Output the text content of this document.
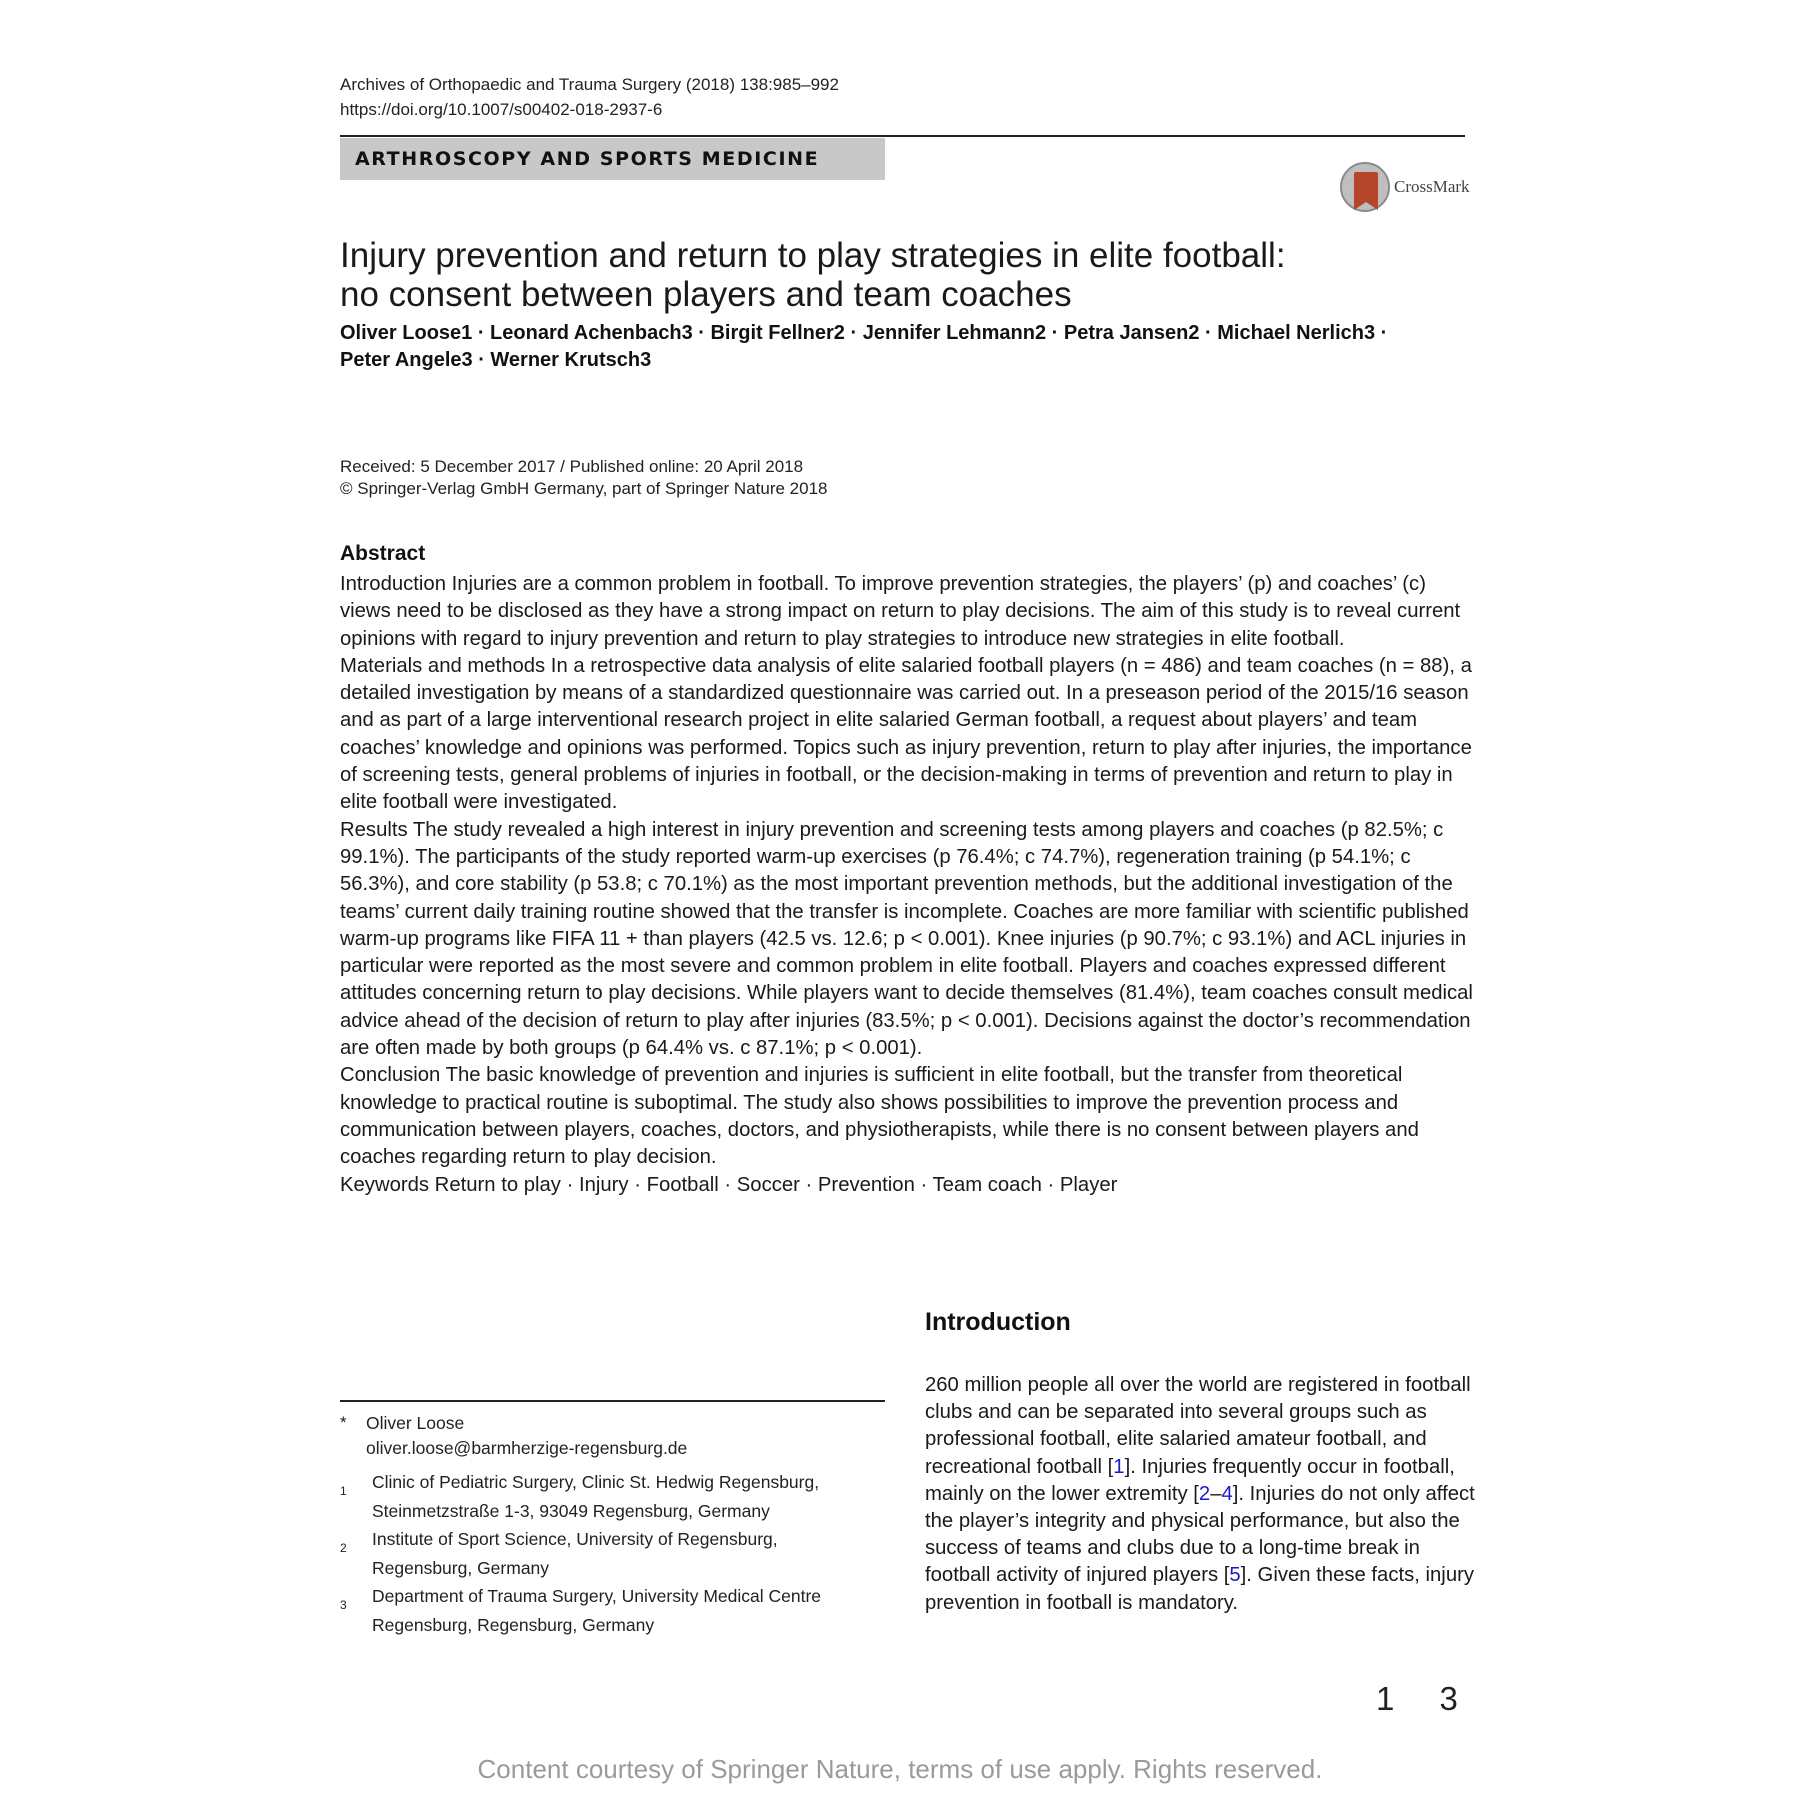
Archives of Orthopaedic and Trauma Surgery (2018) 138:985–992
https://doi.org/10.1007/s00402-018-2937-6
ARTHROSCOPY AND SPORTS MEDICINE
CrossMark
Injury prevention and return to play strategies in elite football:
no consent between players and team coaches
Oliver Loose1 · Leonard Achenbach3 · Birgit Fellner2 · Jennifer Lehmann2 · Petra Jansen2 · Michael Nerlich3 ·
Peter Angele3 · Werner Krutsch3
Received: 5 December 2017 / Published online: 20 April 2018
© Springer-Verlag GmbH Germany, part of Springer Nature 2018
Abstract

Introduction Injuries are a common problem in football. To improve prevention strategies, the players’ (p) and coaches’ (c) views need to be disclosed as they have a strong impact on return to play decisions. The aim of this study is to reveal current opinions with regard to injury prevention and return to play strategies to introduce new strategies in elite football.

Materials and methods In a retrospective data analysis of elite salaried football players (n = 486) and team coaches (n = 88), a detailed investigation by means of a standardized questionnaire was carried out. In a preseason period of the 2015/16 season and as part of a large interventional research project in elite salaried German football, a request about players’ and team coaches’ knowledge and opinions was performed. Topics such as injury prevention, return to play after injuries, the importance of screening tests, general problems of injuries in football, or the decision-making in terms of prevention and return to play in elite football were investigated.

Results The study revealed a high interest in injury prevention and screening tests among players and coaches (p 82.5%; c 99.1%). The participants of the study reported warm-up exercises (p 76.4%; c 74.7%), regeneration training (p 54.1%; c 56.3%), and core stability (p 53.8; c 70.1%) as the most important prevention methods, but the additional investigation of the teams’ current daily training routine showed that the transfer is incomplete. Coaches are more familiar with scientific published warm-up programs like FIFA 11 + than players (42.5 vs. 12.6; p < 0.001). Knee injuries (p 90.7%; c 93.1%) and ACL injuries in particular were reported as the most severe and common problem in elite football. Players and coaches expressed different attitudes concerning return to play decisions. While players want to decide themselves (81.4%), team coaches consult medical advice ahead of the decision of return to play after injuries (83.5%; p < 0.001). Decisions against the doctor’s recommendation are often made by both groups (p 64.4% vs. c 87.1%; p < 0.001).

Conclusion The basic knowledge of prevention and injuries is sufficient in elite football, but the transfer from theoretical knowledge to practical routine is suboptimal. The study also shows possibilities to improve the prevention process and communication between players, coaches, doctors, and physiotherapists, while there is no consent between players and coaches regarding return to play decision.

Keywords Return to play · Injury · Football · Soccer · Prevention · Team coach · Player

Introduction
260 million people all over the world are registered in football clubs and can be separated into several groups such as professional football, elite salaried amateur football, and recreational football [1]. Injuries frequently occur in football, mainly on the lower extremity [2–4]. Injuries do not only affect the player’s integrity and physical performance, but also the success of teams and clubs due to a long-time break in football activity of injured players [5]. Given these facts, injury prevention in football is mandatory.
* Oliver Loose
oliver.loose@barmherzige-regensburg.de
1 Clinic of Pediatric Surgery, Clinic St. Hedwig Regensburg,
Steinmetzstraße 1-3, 93049 Regensburg, Germany
2 Institute of Sport Science, University of Regensburg,
Regensburg, Germany
3 Department of Trauma Surgery, University Medical Centre
Regensburg, Regensburg, Germany
1 3
Content courtesy of Springer Nature, terms of use apply. Rights reserved.
